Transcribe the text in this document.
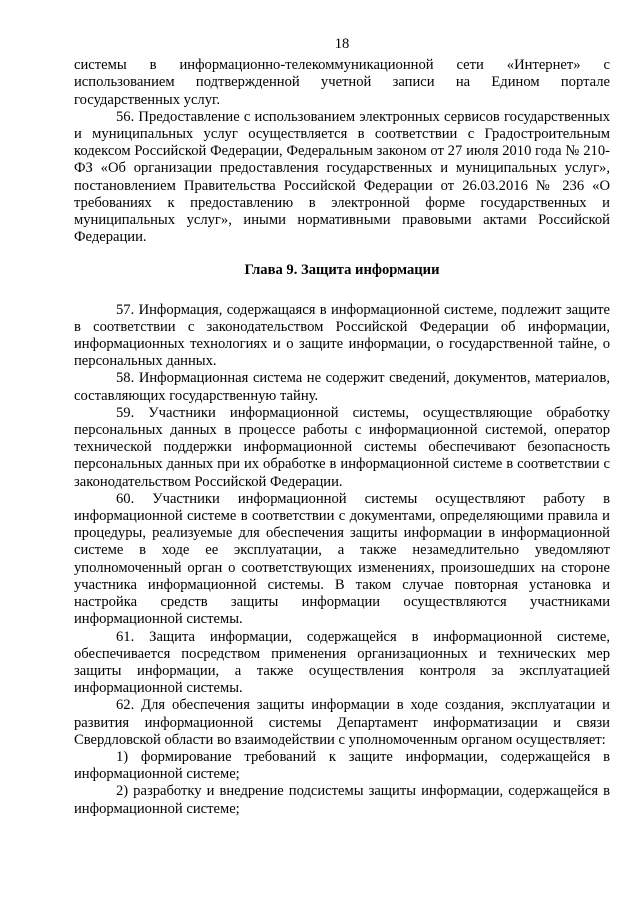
18

системы в информационно-телекоммуникационной сети «Интернет» с использованием подтвержденной учетной записи на Едином портале государственных услуг.

56. Предоставление с использованием электронных сервисов государственных и муниципальных услуг осуществляется в соответствии с Градостроительным кодексом Российской Федерации, Федеральным законом от 27 июля 2010 года № 210-ФЗ «Об организации предоставления государственных и муниципальных услуг», постановлением Правительства Российской Федерации от 26.03.2016 № 236 «О требованиях к предоставлению в электронной форме государственных и муниципальных услуг», иными нормативными правовыми актами Российской Федерации.

Глава 9. Защита информации

57. Информация, содержащаяся в информационной системе, подлежит защите в соответствии с законодательством Российской Федерации об информации, информационных технологиях и о защите информации, о государственной тайне, о персональных данных.

58. Информационная система не содержит сведений, документов, материалов, составляющих государственную тайну.

59. Участники информационной системы, осуществляющие обработку персональных данных в процессе работы с информационной системой, оператор технической поддержки информационной системы обеспечивают безопасность персональных данных при их обработке в информационной системе в соответствии с законодательством Российской Федерации.

60. Участники информационной системы осуществляют работу в информационной системе в соответствии с документами, определяющими правила и процедуры, реализуемые для обеспечения защиты информации в информационной системе в ходе ее эксплуатации, а также незамедлительно уведомляют уполномоченный орган о соответствующих изменениях, произошедших на стороне участника информационной системы. В таком случае повторная установка и настройка средств защиты информации осуществляются участниками информационной системы.

61. Защита информации, содержащейся в информационной системе, обеспечивается посредством применения организационных и технических мер защиты информации, а также осуществления контроля за эксплуатацией информационной системы.

62. Для обеспечения защиты информации в ходе создания, эксплуатации и развития информационной системы Департамент информатизации и связи Свердловской области во взаимодействии с уполномоченным органом осуществляет:

1) формирование требований к защите информации, содержащейся в информационной системе;

2) разработку и внедрение подсистемы защиты информации, содержащейся в информационной системе;
